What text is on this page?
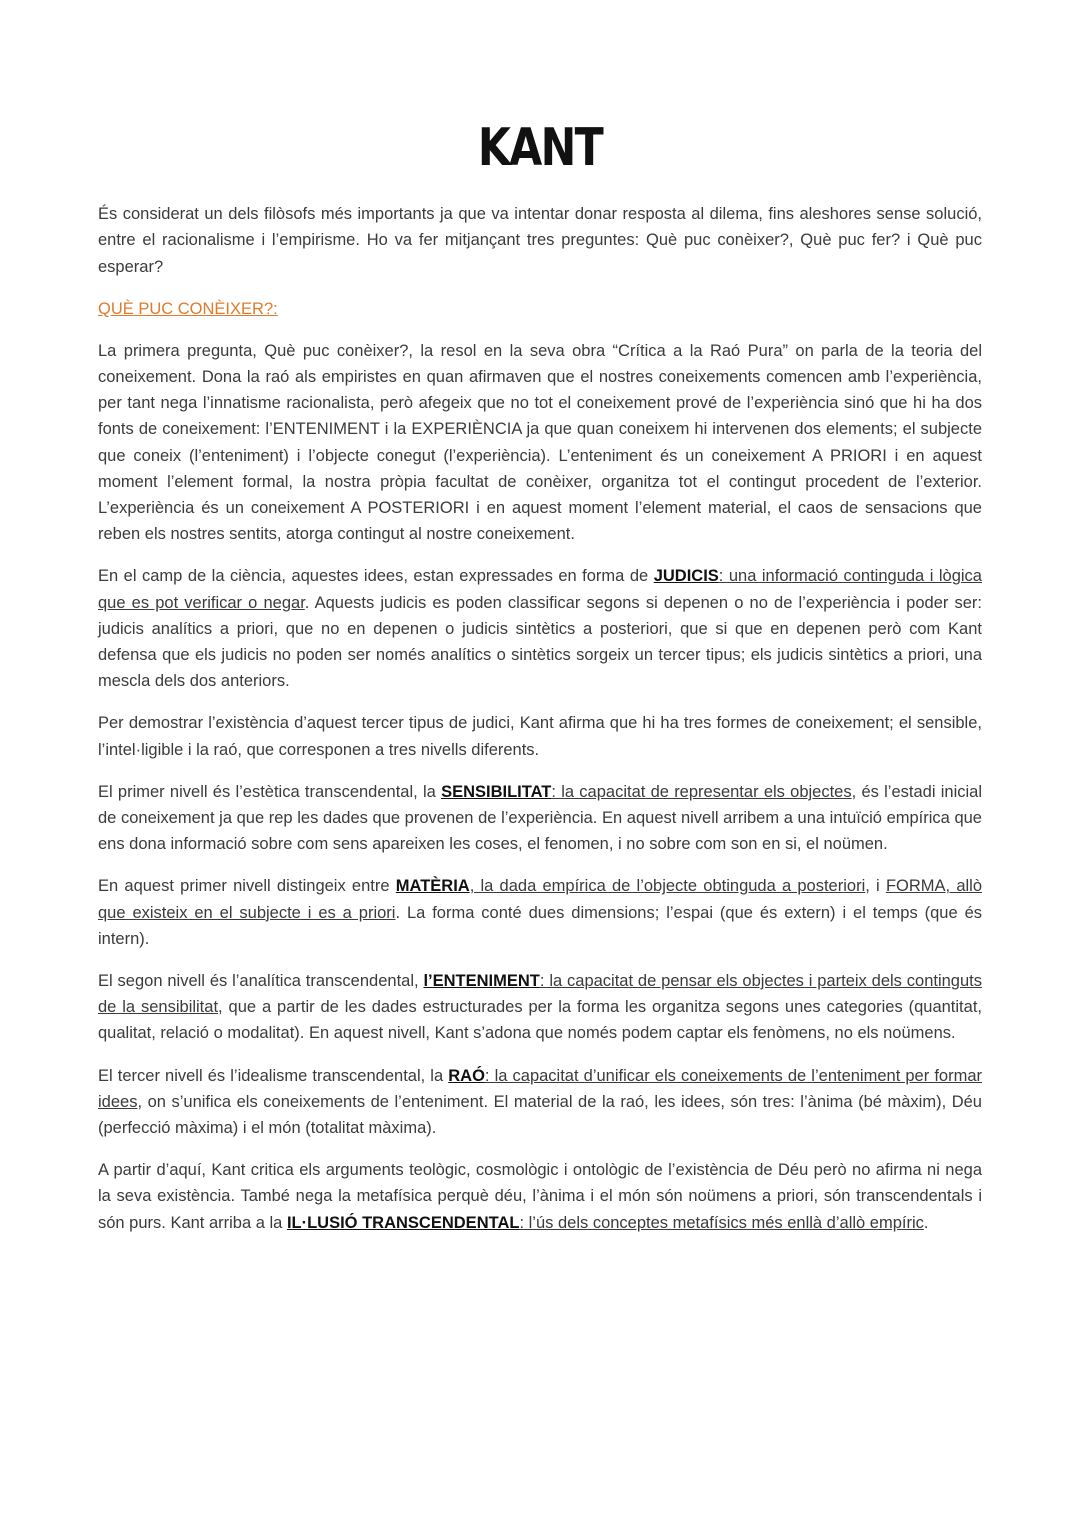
KANT

És considerat un dels filòsofs més importants ja que va intentar donar resposta al dilema, fins aleshores sense solució, entre el racionalisme i l’empirisme. Ho va fer mitjançant tres preguntes: Què puc conèixer?, Què puc fer? i Què puc esperar?

QUÈ PUC CONÈIXER?:

La primera pregunta, Què puc conèixer?, la resol en la seva obra “Crítica a la Raó Pura” on parla de la teoria del coneixement. Dona la raó als empiristes en quan afirmaven que el nostres coneixements comencen amb l’experiència, per tant nega l’innatisme racionalista, però afegeix que no tot el coneixement prové de l’experiència sinó que hi ha dos fonts de coneixement: l’ENTENIMENT i la EXPERIÈNCIA ja que quan coneixem hi intervenen dos elements; el subjecte que coneix (l’enteniment) i l’objecte conegut (l’experiència). L’enteniment és un coneixement A PRIORI i en aquest moment l’element formal, la nostra pròpia facultat de conèixer, organitza tot el contingut procedent de l’exterior. L’experiència és un coneixement A POSTERIORI i en aquest moment l’element material, el caos de sensacions que reben els nostres sentits, atorga contingut al nostre coneixement.

En el camp de la ciència, aquestes idees, estan expressades en forma de JUDICIS: una informació continguda i lògica que es pot verificar o negar. Aquests judicis es poden classificar segons si depenen o no de l’experiència i poder ser: judicis analítics a priori, que no en depenen o judicis sintètics a posteriori, que si que en depenen però com Kant defensa que els judicis no poden ser només analítics o sintètics sorgeix un tercer tipus; els judicis sintètics a priori, una mescla dels dos anteriors.

Per demostrar l’existència d’aquest tercer tipus de judici, Kant afirma que hi ha tres formes de coneixement; el sensible, l’intel·ligible i la raó, que corresponen a tres nivells diferents.

El primer nivell és l’estètica transcendental, la SENSIBILITAT: la capacitat de representar els objectes, és l’estadi inicial de coneixement ja que rep les dades que provenen de l’experiència. En aquest nivell arribem a una intuïció empírica que ens dona informació sobre com sens apareixen les coses, el fenomen, i no sobre com son en si, el noümen.

En aquest primer nivell distingeix entre MATÈRIA, la dada empírica de l’objecte obtinguda a posteriori, i FORMA, allò que existeix en el subjecte i es a priori. La forma conté dues dimensions; l’espai (que és extern) i el temps (que és intern).

El segon nivell és l’analítica transcendental, l’ENTENIMENT: la capacitat de pensar els objectes i parteix dels continguts de la sensibilitat, que a partir de les dades estructurades per la forma les organitza segons unes categories (quantitat, qualitat, relació o modalitat). En aquest nivell, Kant s’adona que només podem captar els fenòmens, no els noümens.

El tercer nivell és l’idealisme transcendental, la RAÓ: la capacitat d’unificar els coneixements de l’enteniment per formar idees, on s’unifica els coneixements de l’enteniment. El material de la raó, les idees, són tres: l’ànima (bé màxim), Déu (perfecció màxima) i el món (totalitat màxima).

A partir d’aquí, Kant critica els arguments teològic, cosmològic i ontològic de l’existència de Déu però no afirma ni nega la seva existència. També nega la metafísica perquè déu, l’ànima i el món són noümens a priori, són transcendentals i són purs. Kant arriba a la IL·LUSIÓ TRANSCENDENTAL: l’ús dels conceptes metafísics més enllà d’allò empíric.
